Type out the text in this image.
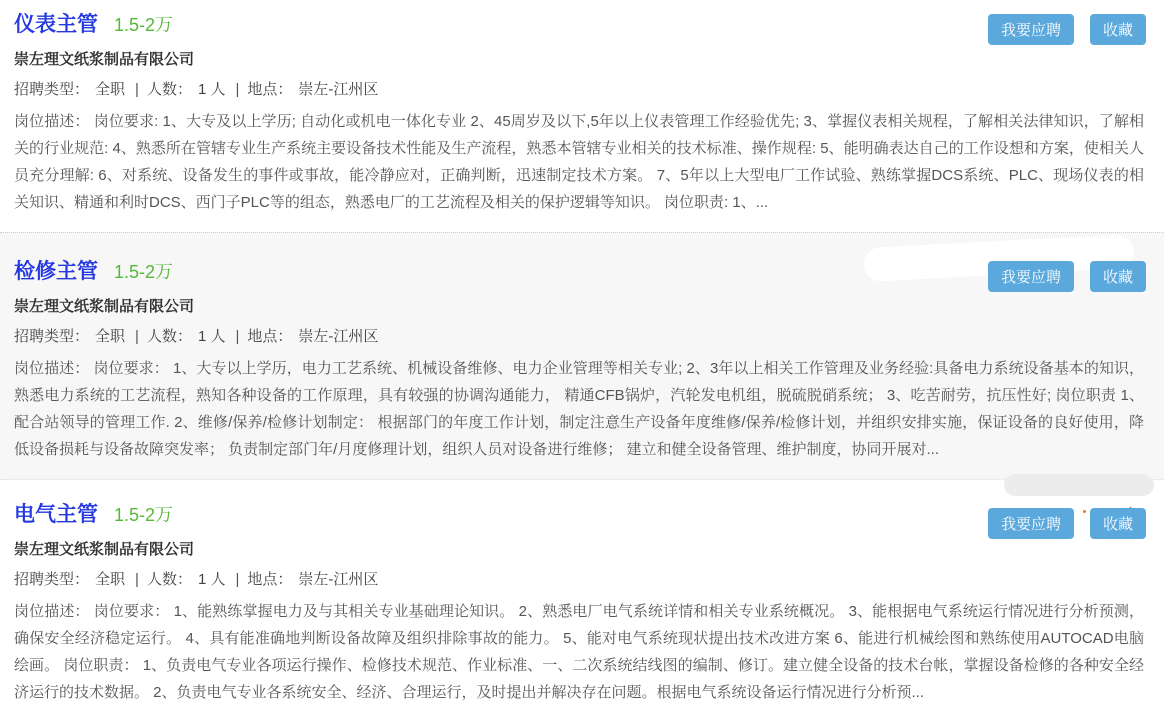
我要应聘	收藏
仪表主管 1.5-2万
崇左理文纸浆制品有限公司
招聘类型： 全职 | 人数： 1 人 | 地点： 崇左-江州区
岗位描述： 岗位要求: 1、大专及以上学历; 自动化或机电一体化专业 2、45周岁及以下,5年以上仪表管理工作经验优先; 3、掌握仪表相关规程，了解相关法律知识，了解相关的行业规范: 4、熟悉所在管辖专业生产系统主要设备技术性能及生产流程，熟悉本管辖专业相关的技术标准、操作规程: 5、能明确表达自己的工作设想和方案，使相关人员充分理解: 6、对系统、设备发生的事件或事故，能冷静应对，正确判断，迅速制定技术方案。 7、5年以上大型电厂工作试验、熟练掌握DCS系统、PLC、现场仪表的相关知识、精通和利时DCS、西门子PLC等的组态，熟悉电厂的工艺流程及相关的保护逻辑等知识。 岗位职责: 1、...
我要应聘	收藏
检修主管 1.5-2万
崇左理文纸浆制品有限公司
招聘类型： 全职 | 人数： 1 人 | 地点： 崇左-江州区
岗位描述： 岗位要求： 1、大专以上学历，电力工艺系统、机械设备维修、电力企业管理等相关专业; 2、3年以上相关工作管理及业务经验:具备电力系统设备基本的知识，熟悉电力系统的工艺流程，熟知各种设备的工作原理，具有较强的协调沟通能力， 精通CFB锅炉，汽轮发电机组，脱硫脱硝系统； 3、吃苦耐劳，抗压性好; 岗位职责 1、配合站领导的管理工作. 2、维修/保养/检修计划制定： 根据部门的年度工作计划，制定注意生产设备年度维修/保养/检修计划，并组织安排实施，保证设备的良好使用，降低设备损耗与设备故障突发率； 负责制定部门年/月度修理计划，组织人员对设备进行维修； 建立和健全设备管理、维护制度，协同开展对...
我要应聘	收藏
电气主管 1.5-2万
崇左理文纸浆制品有限公司
招聘类型： 全职 | 人数： 1 人 | 地点： 崇左-江州区
岗位描述： 岗位要求： 1、能熟练掌握电力及与其相关专业基础理论知识。 2、熟悉电厂电气系统详情和相关专业系统概况。 3、能根据电气系统运行情况进行分析预测，确保安全经济稳定运行。 4、具有能准确地判断设备故障及组织排除事故的能力。 5、能对电气系统现状提出技术改进方案 6、能进行机械绘图和熟练使用AUTOCAD电脑绘画。 岗位职责： 1、负责电气专业各项运行操作、检修技术规范、作业标准、一、二次系统结线图的编制、修订。建立健全设备的技术台帐，掌握设备检修的各种安全经济运行的技术数据。 2、负责电气专业各系统安全、经济、合理运行，及时提出并解决存在问题。根据电气系统设备运行情况进行分析预...
